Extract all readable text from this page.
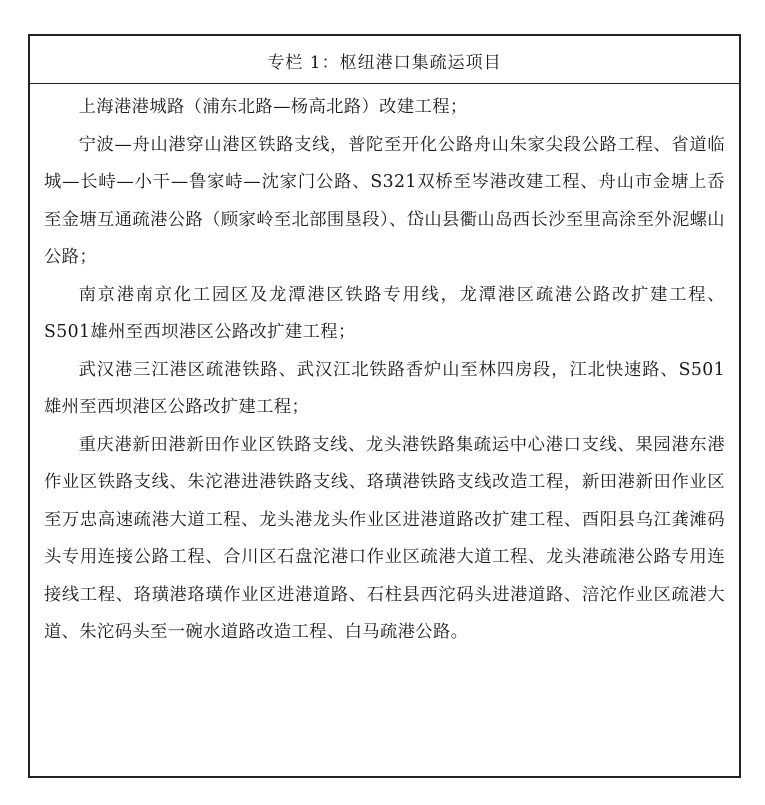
专栏 1：枢纽港口集疏运项目

上海港港城路（浦东北路—杨高北路）改建工程；

宁波—舟山港穿山港区铁路支线，普陀至开化公路舟山朱家尖段公路工程、省道临城—长峙—小干—鲁家峙—沈家门公路、S321双桥至岑港改建工程、舟山市金塘上岙至金塘互通疏港公路（顾家岭至北部围垦段）、岱山县衢山岛西长沙至里高涂至外泥螺山公路；

南京港南京化工园区及龙潭港区铁路专用线，龙潭港区疏港公路改扩建工程、S501雄州至西坝港区公路改扩建工程；

武汉港三江港区疏港铁路、武汉江北铁路香炉山至林四房段，江北快速路、S501雄州至西坝港区公路改扩建工程；

重庆港新田港新田作业区铁路支线、龙头港铁路集疏运中心港口支线、果园港东港作业区铁路支线、朱沱港进港铁路支线、珞璜港铁路支线改造工程，新田港新田作业区至万忠高速疏港大道工程、龙头港龙头作业区进港道路改扩建工程、酉阳县乌江龚滩码头专用连接公路工程、合川区石盘沱港口作业区疏港大道工程、龙头港疏港公路专用连接线工程、珞璜港珞璜作业区进港道路、石柱县西沱码头进港道路、涪沱作业区疏港大道、朱沱码头至一碗水道路改造工程、白马疏港公路。
